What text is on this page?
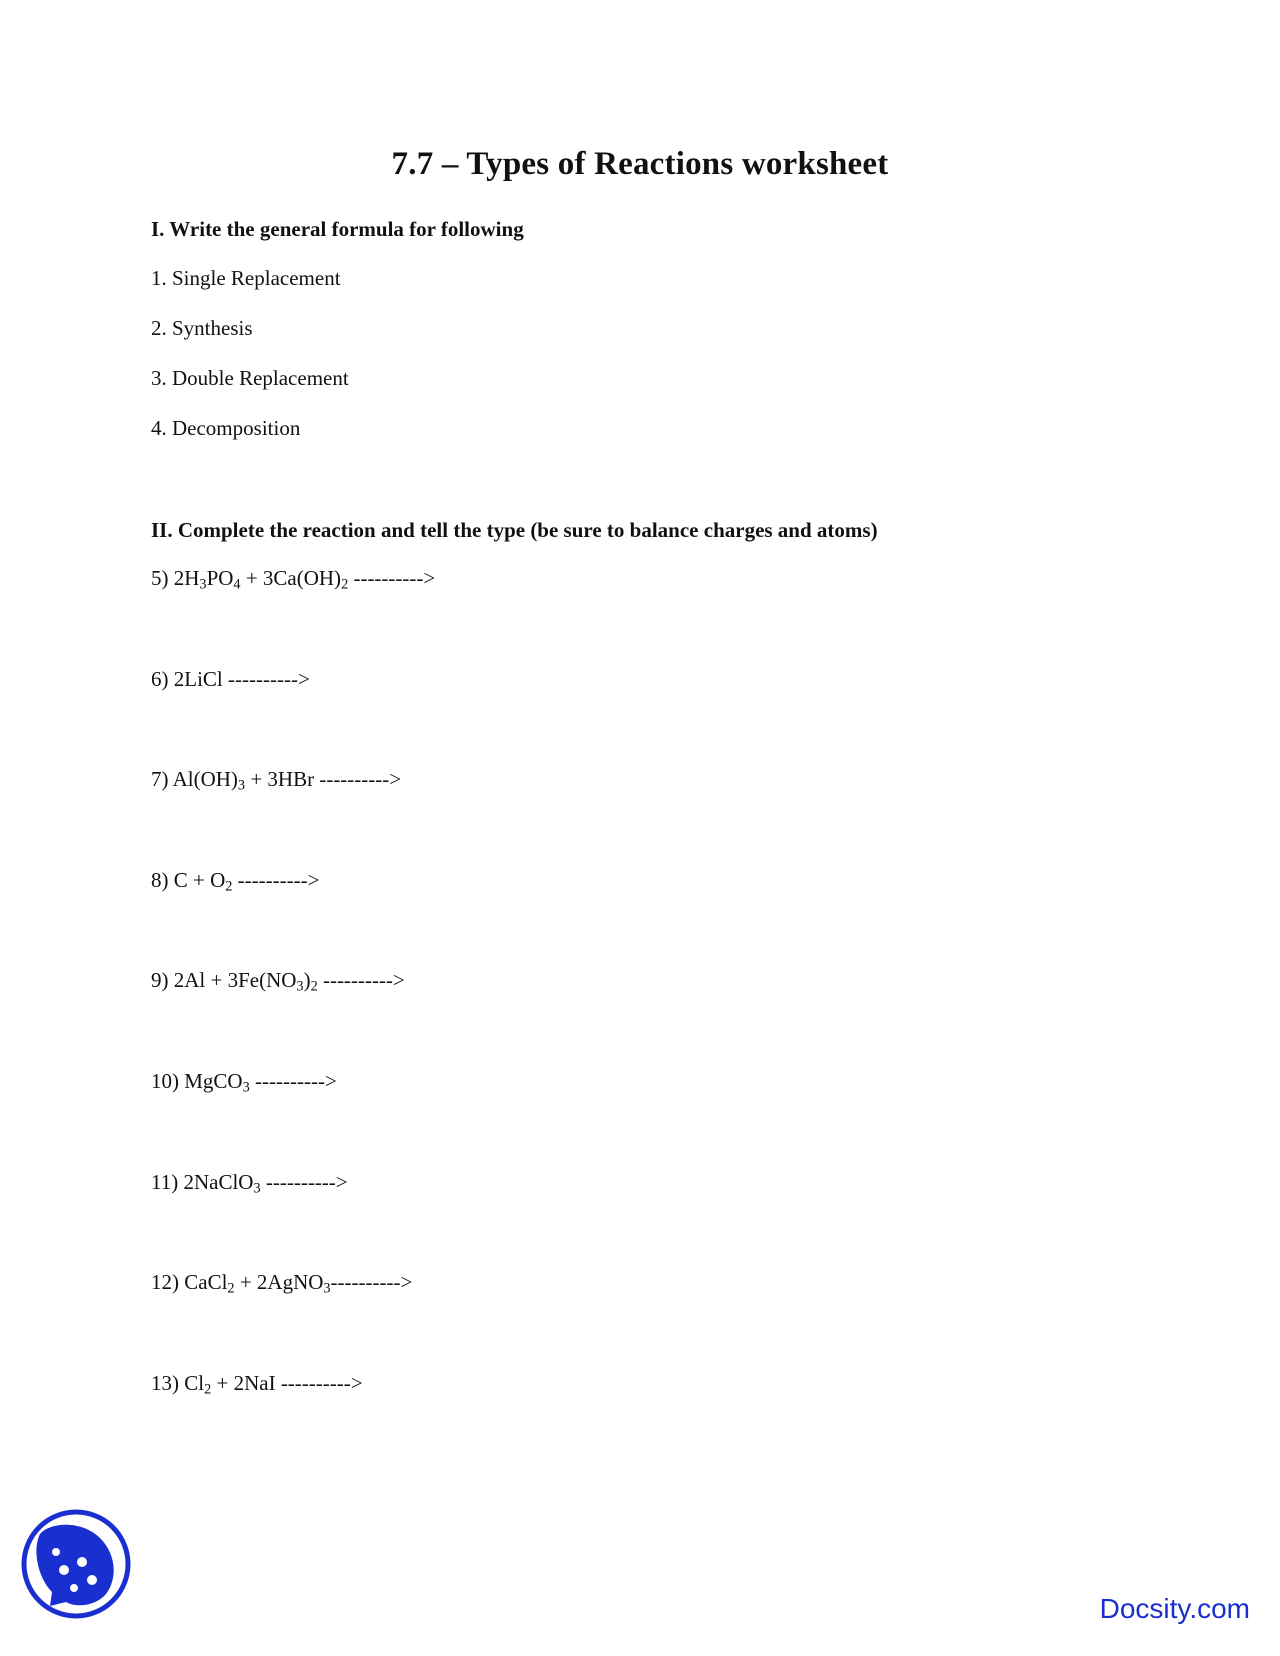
7.7 – Types of Reactions worksheet
I. Write the general formula for following
1. Single Replacement
2. Synthesis
3. Double Replacement
4. Decomposition
II. Complete the reaction and tell the type (be sure to balance charges and atoms)
5) $2H_3PO_4 + 3Ca(OH)_2$ ---------->
6) 2LiCl ---------->
7) $Al(OH)_3 + 3HBr$ ---------->
8) $C + O_2$ ---------->
9) $2Al + 3Fe(NO_3)_2$ ---------->
10) MgCO$_3$ ---------->
11) 2NaClO$_3$ ---------->
12) CaCl$_2$ + 2AgNO$_3$---------->
13) $Cl_2 + 2NaI$ ---------->
Docsity.com
